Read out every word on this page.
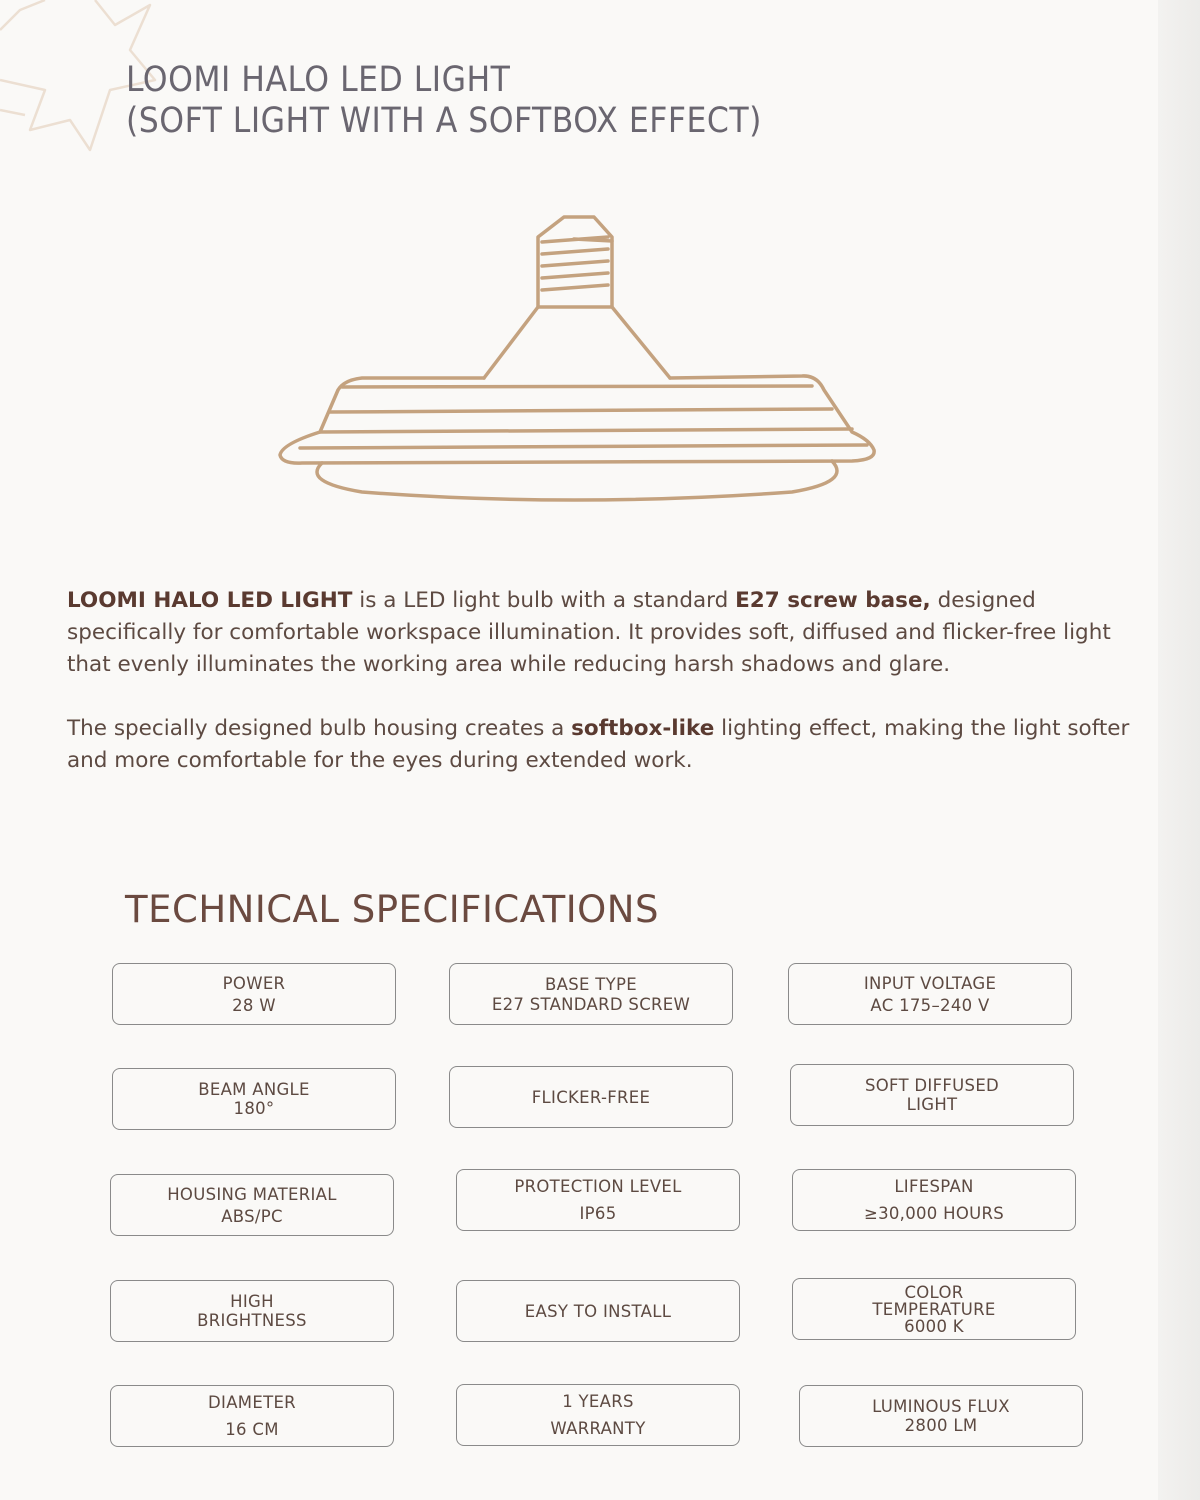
LOOMI HALO LED LIGHT
(SOFT LIGHT WITH A SOFTBOX EFFECT)

LOOMI HALO LED LIGHT is a LED light bulb with a standard E27 screw base, designed specifically for comfortable workspace illumination. It provides soft, diffused and flicker-free light that evenly illuminates the working area while reducing harsh shadows and glare.

The specially designed bulb housing creates a softbox-like lighting effect, making the light softer and more comfortable for the eyes during extended work.

TECHNICAL SPECIFICATIONS
POWER
28 W
BASE TYPE
E27 STANDARD SCREW
INPUT VOLTAGE
AC 175–240 V
BEAM ANGLE
180°
FLICKER-FREE
SOFT DIFFUSED
LIGHT
HOUSING MATERIAL
ABS/PC
PROTECTION LEVEL
IP65
LIFESPAN
≥30,000 HOURS
HIGH
BRIGHTNESS	EASY TO INSTALL
COLOR
TEMPERATURE
6000 K
DIAMETER
16 CM
1 YEARS
WARRANTY
LUMINOUS FLUX
2800 LM
